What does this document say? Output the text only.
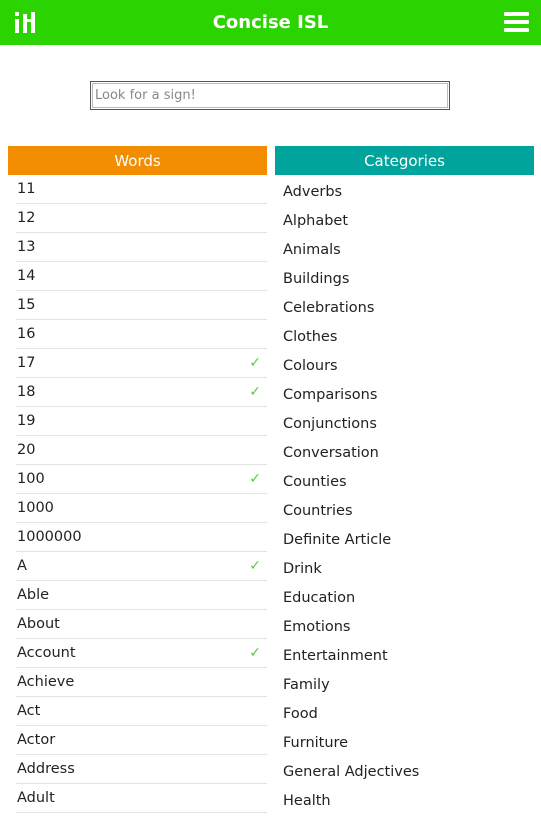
Concise ISL
Look for a sign!
Words
11
12
13
14
15
16
17	✓
18	✓
19
20
100	✓
1000
1000000
A	✓
Able
About
Account	✓
Achieve
Act
Actor
Address
Adult
Categories
Adverbs
Alphabet
Animals
Buildings
Celebrations
Clothes
Colours
Comparisons
Conjunctions
Conversation
Counties
Countries
Definite Article
Drink
Education
Emotions
Entertainment
Family
Food
Furniture
General Adjectives
Health
